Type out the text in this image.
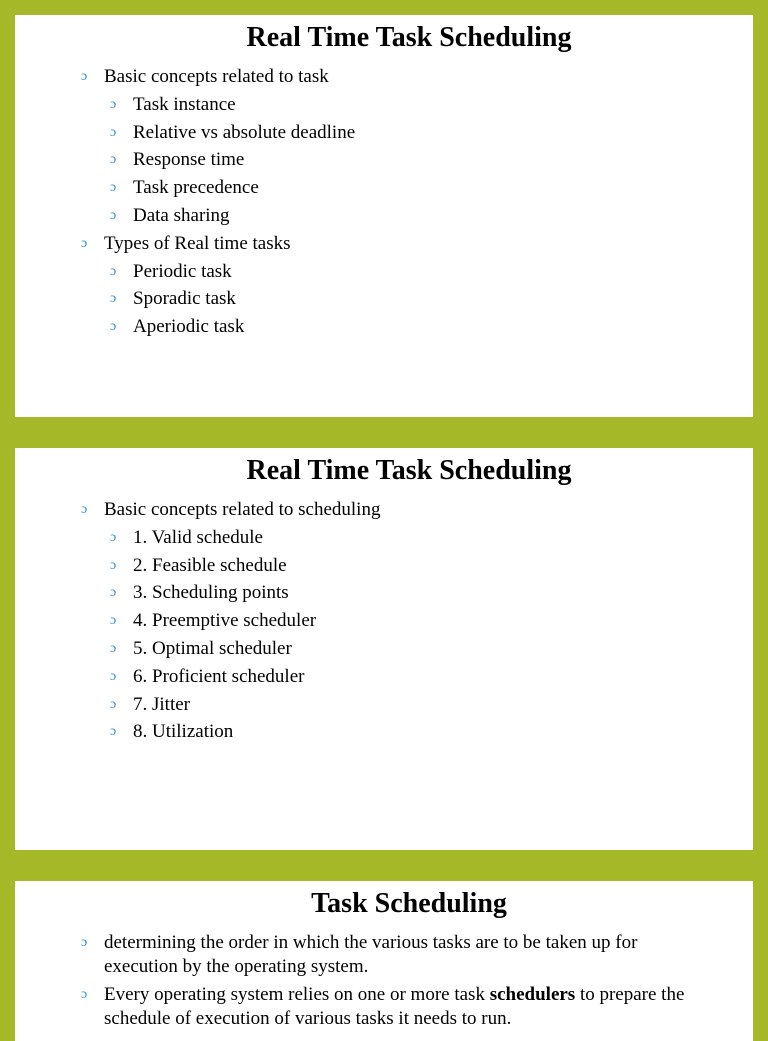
Real Time Task Scheduling
ɔ Basic concepts related to task
ɔ Task instance
ɔ Relative vs absolute deadline
ɔ Response time
ɔ Task precedence
ɔ Data sharing
ɔ Types of Real time tasks
ɔ Periodic task
ɔ Sporadic task
ɔ Aperiodic task
Real Time Task Scheduling
ɔ Basic concepts related to scheduling
ɔ 1. Valid schedule
ɔ 2. Feasible schedule
ɔ 3. Scheduling points
ɔ 4. Preemptive scheduler
ɔ 5. Optimal scheduler
ɔ 6. Proficient scheduler
ɔ 7. Jitter
ɔ 8. Utilization
Task Scheduling
ɔ determining the order in which the various tasks are to be taken up for execution by the operating system.
ɔ Every operating system relies on one or more task schedulers to prepare the schedule of execution of various tasks it needs to run.
